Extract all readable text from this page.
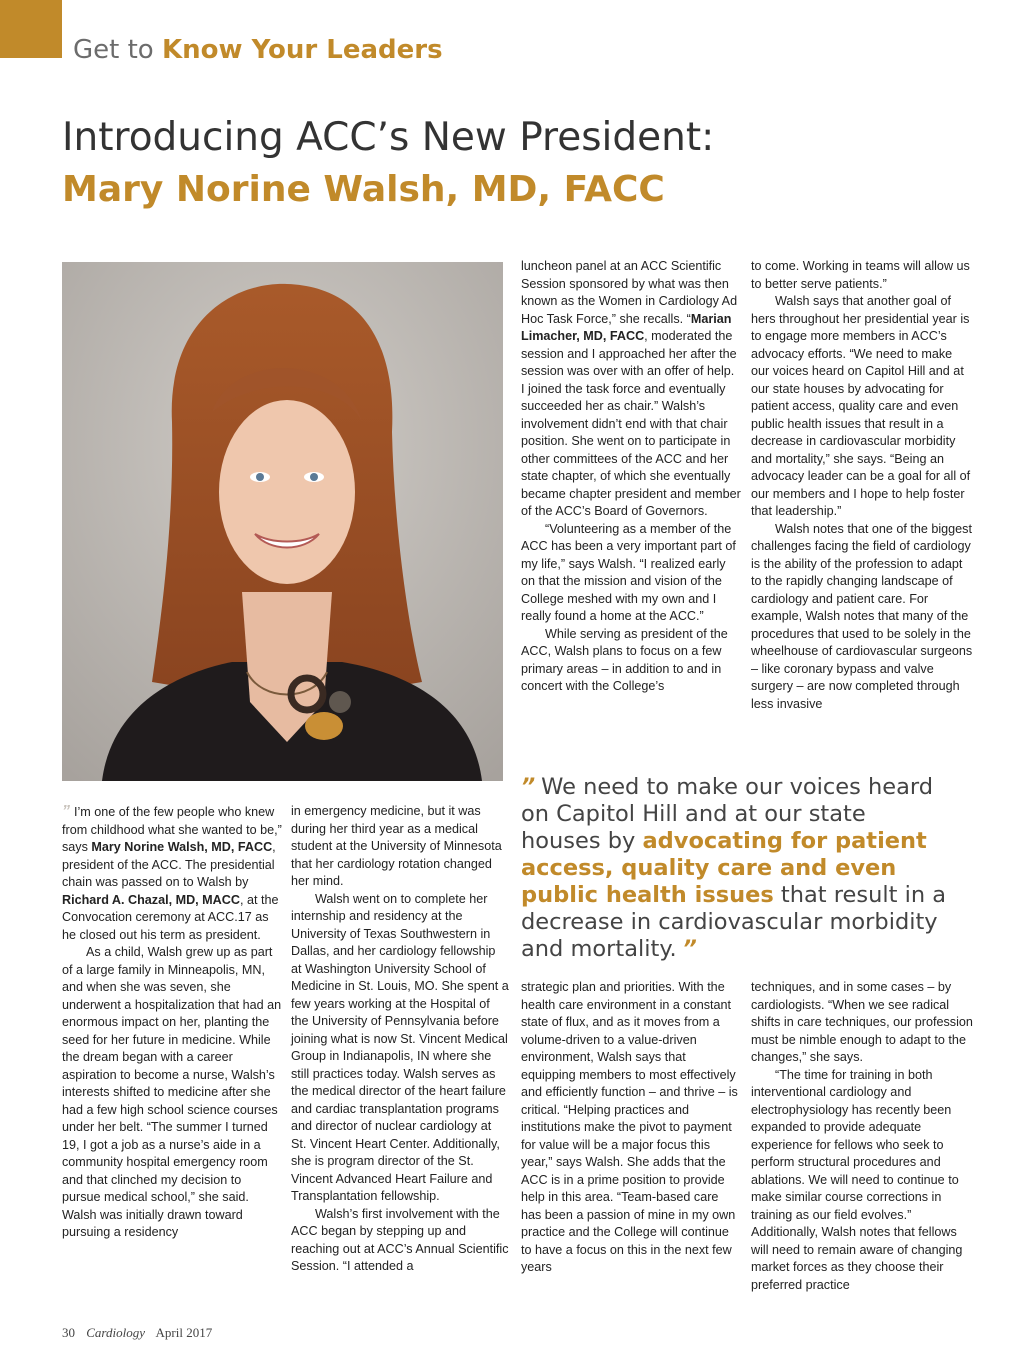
Get to Know Your Leaders
Introducing ACC’s New President:
Mary Norine Walsh, MD, FACC

” I’m one of the few people who knew from childhood what she wanted to be,” says Mary Norine Walsh, MD, FACC, president of the ACC. The presidential chain was passed on to Walsh by Richard A. Chazal, MD, MACC, at the Convocation ceremony at ACC.17 as he closed out his term as president.

As a child, Walsh grew up as part of a large family in Minneapolis, MN, and when she was seven, she underwent a hospitalization that had an enormous impact on her, planting the seed for her future in medicine. While the dream began with a career aspiration to become a nurse, Walsh’s interests shifted to medicine after she had a few high school science courses under her belt. “The summer I turned 19, I got a job as a nurse’s aide in a community hospital emergency room and that clinched my decision to pursue medical school,” she said. Walsh was initially drawn toward pursuing a residency

in emergency medicine, but it was during her third year as a medical student at the University of Minnesota that her cardiology rotation changed her mind.

Walsh went on to complete her internship and residency at the University of Texas Southwestern in Dallas, and her cardiology fellowship at Washington University School of Medicine in St. Louis, MO. She spent a few years working at the Hospital of the University of Pennsylvania before joining what is now St. Vincent Medical Group in Indianapolis, IN where she still practices today. Walsh serves as the medical director of the heart failure and cardiac transplantation programs and director of nuclear cardiology at St. Vincent Heart Center. Additionally, she is program director of the St. Vincent Advanced Heart Failure and Transplantation fellowship.

Walsh’s first involvement with the ACC began by stepping up and reaching out at ACC’s Annual Scientific Session. “I attended a

luncheon panel at an ACC Scientific Session sponsored by what was then known as the Women in Cardiology Ad Hoc Task Force,” she recalls. “Marian Limacher, MD, FACC, moderated the session and I approached her after the session was over with an offer of help. I joined the task force and eventually succeeded her as chair.” Walsh’s involvement didn’t end with that chair position. She went on to participate in other committees of the ACC and her state chapter, of which she eventually became chapter president and member of the ACC’s Board of Governors.

“Volunteering as a member of the ACC has been a very important part of my life,” says Walsh. “I realized early on that the mission and vision of the College meshed with my own and I really found a home at the ACC.”

While serving as president of the ACC, Walsh plans to focus on a few primary areas – in addition to and in concert with the College’s

to come. Working in teams will allow us to better serve patients.”

Walsh says that another goal of hers throughout her presidential year is to engage more members in ACC’s advocacy efforts. “We need to make our voices heard on Capitol Hill and at our state houses by advocating for patient access, quality care and even public health issues that result in a decrease in cardiovascular morbidity and mortality,” she says. “Being an advocacy leader can be a goal for all of our members and I hope to help foster that leadership.”

Walsh notes that one of the biggest challenges facing the field of cardiology is the ability of the profession to adapt to the rapidly changing landscape of cardiology and patient care. For example, Walsh notes that many of the procedures that used to be solely in the wheelhouse of cardiovascular surgeons – like coronary bypass and valve surgery – are now completed through less invasive

” We need to make our voices heard on Capitol Hill and at our state houses by advocating for patient access, quality care and even public health issues that result in a decrease in cardiovascular morbidity and mortality. ”

strategic plan and priorities. With the health care environment in a constant state of flux, and as it moves from a volume-driven to a value-driven environment, Walsh says that equipping members to most effectively and efficiently function – and thrive – is critical. “Helping practices and institutions make the pivot to payment for value will be a major focus this year,” says Walsh. She adds that the ACC is in a prime position to provide help in this area. “Team-based care has been a passion of mine in my own practice and the College will continue to have a focus on this in the next few years

techniques, and in some cases – by cardiologists. “When we see radical shifts in care techniques, our profession must be nimble enough to adapt to the changes,” she says.

“The time for training in both interventional cardiology and electrophysiology has recently been expanded to provide adequate experience for fellows who seek to perform structural procedures and ablations. We will need to continue to make similar course corrections in training as our field evolves.” Additionally, Walsh notes that fellows will need to remain aware of changing market forces as they choose their preferred practice

30 Cardiology April 2017
